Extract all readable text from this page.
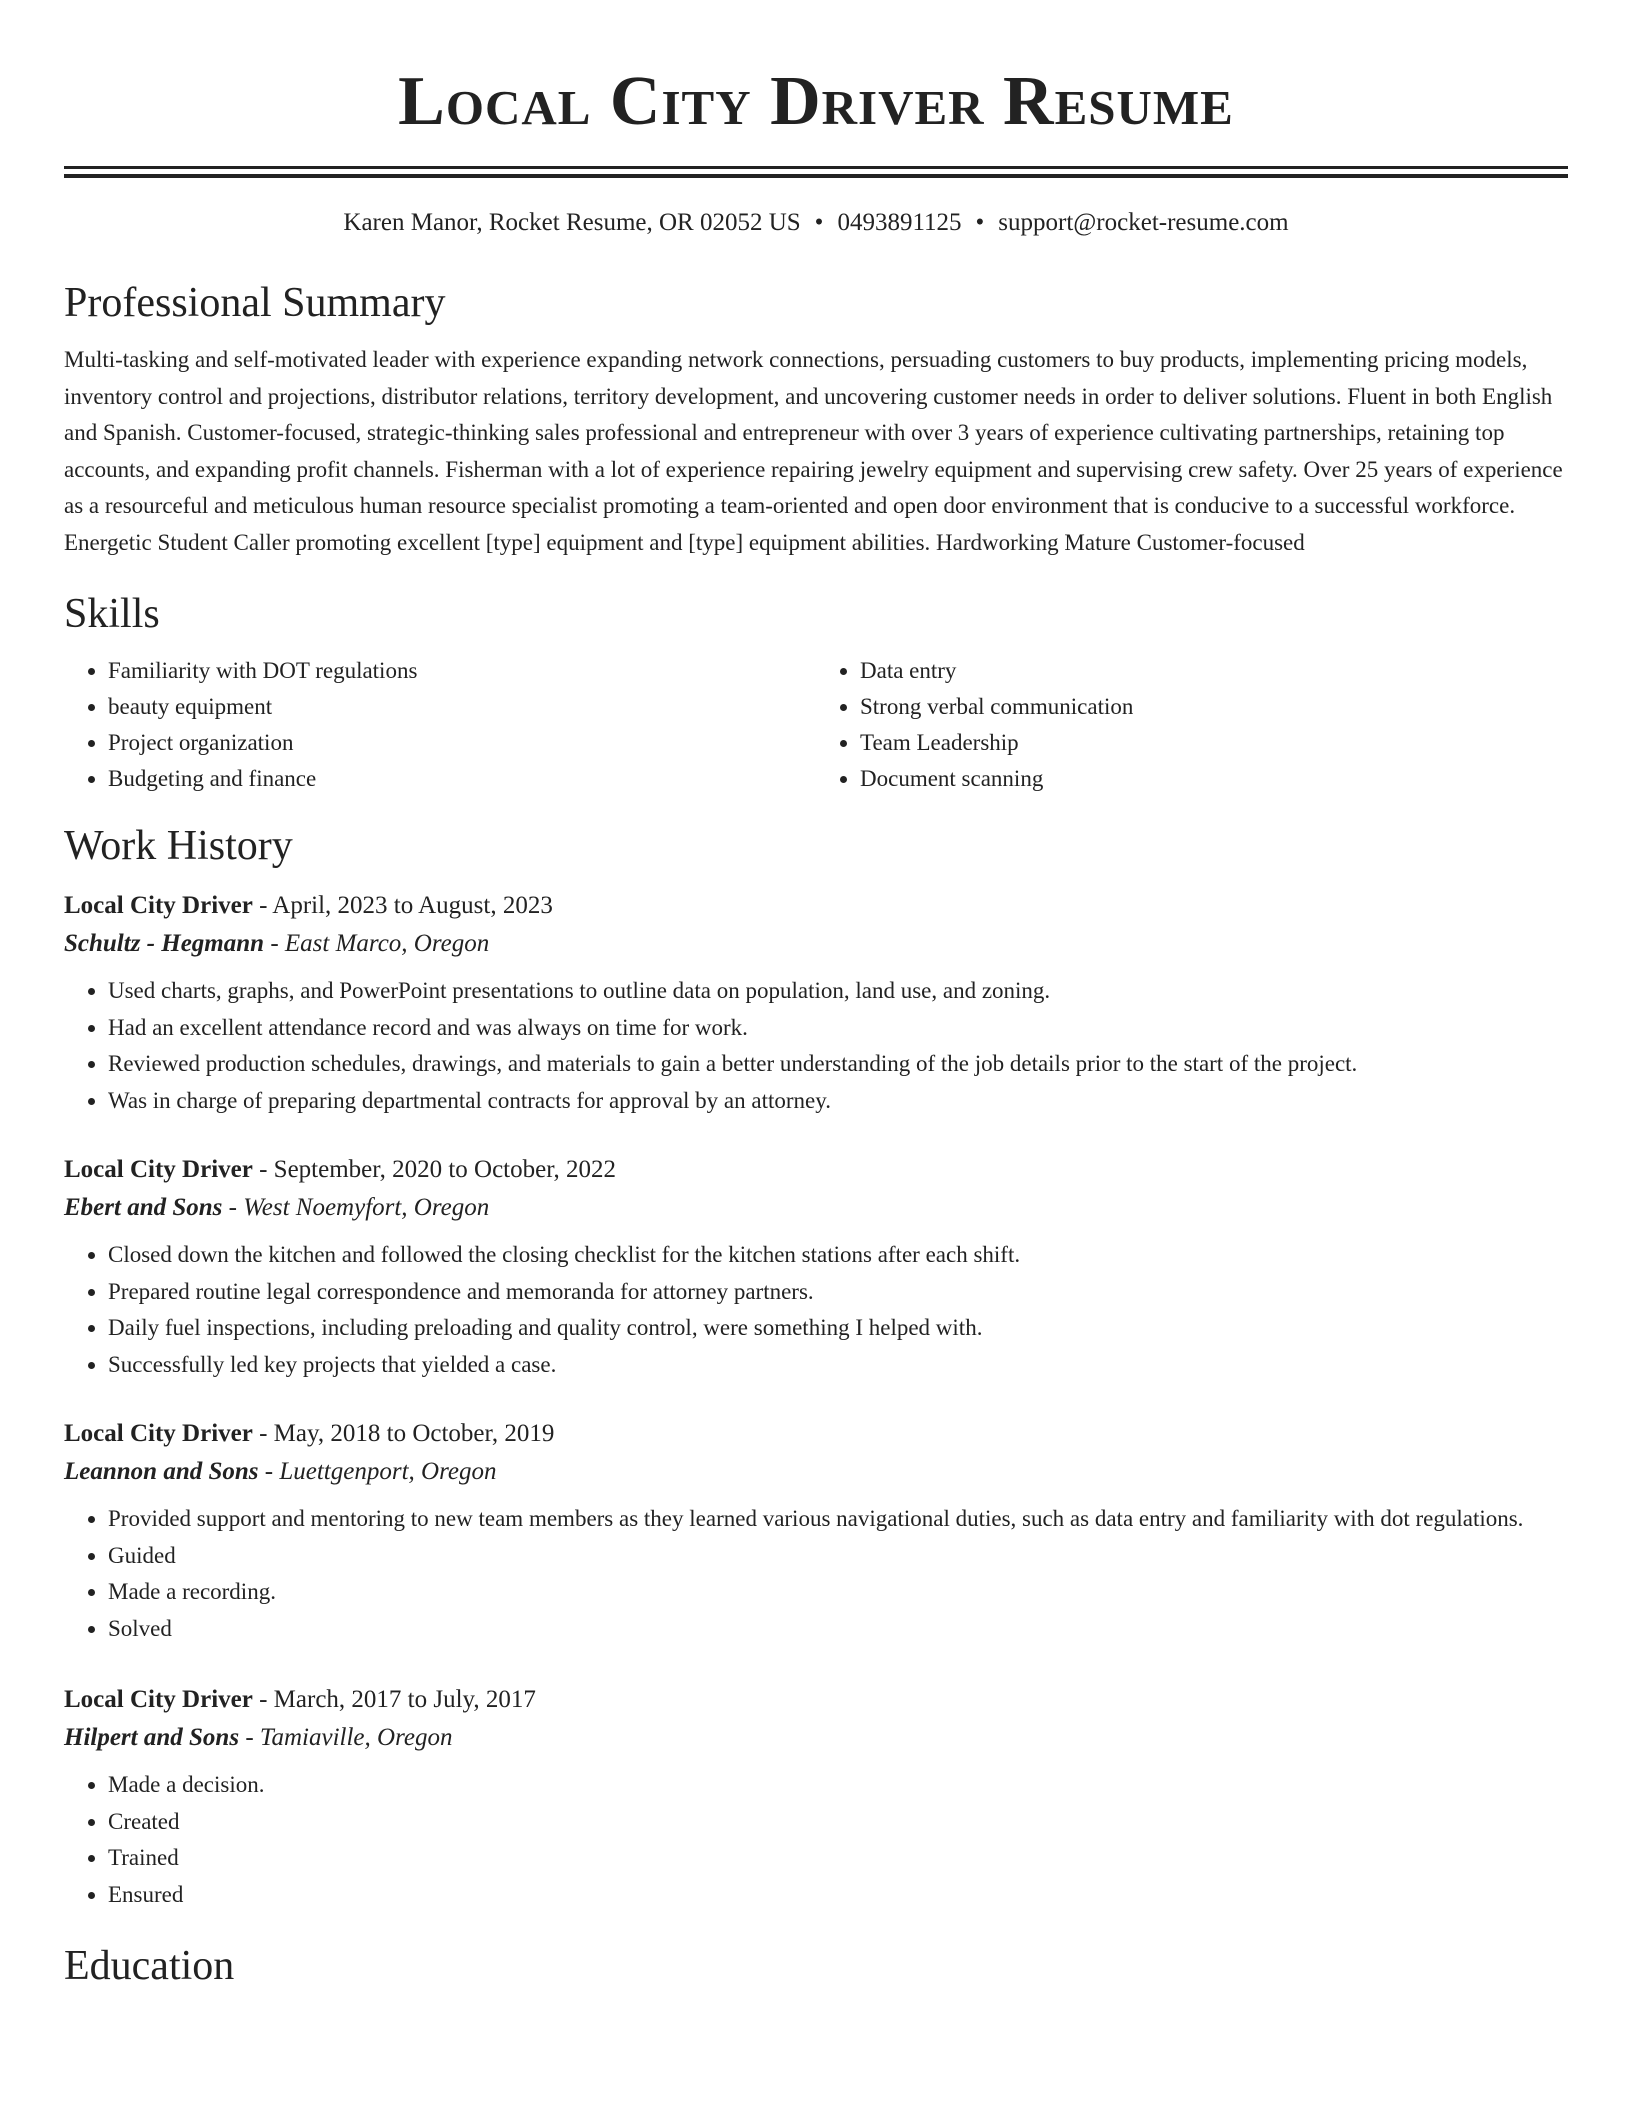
Local City Driver Resume
Karen Manor, Rocket Resume, OR 02052 US • 0493891125 • support@rocket-resume.com
Professional Summary
Multi-tasking and self-motivated leader with experience expanding network connections, persuading customers to buy products, implementing pricing models, inventory control and projections, distributor relations, territory development, and uncovering customer needs in order to deliver solutions. Fluent in both English and Spanish. Customer-focused, strategic-thinking sales professional and entrepreneur with over 3 years of experience cultivating partnerships, retaining top accounts, and expanding profit channels. Fisherman with a lot of experience repairing jewelry equipment and supervising crew safety. Over 25 years of experience as a resourceful and meticulous human resource specialist promoting a team-oriented and open door environment that is conducive to a successful workforce. Energetic Student Caller promoting excellent [type] equipment and [type] equipment abilities. Hardworking Mature Customer-focused
Skills
• Familiarity with DOT regulations
• beauty equipment
• Project organization
• Budgeting and finance
• Data entry
• Strong verbal communication
• Team Leadership
• Document scanning
Work History
Local City Driver - April, 2023 to August, 2023
Schultz - Hegmann - East Marco, Oregon
• Used charts, graphs, and PowerPoint presentations to outline data on population, land use, and zoning.
• Had an excellent attendance record and was always on time for work.
• Reviewed production schedules, drawings, and materials to gain a better understanding of the job details prior to the start of the project.
• Was in charge of preparing departmental contracts for approval by an attorney.
Local City Driver - September, 2020 to October, 2022
Ebert and Sons - West Noemyfort, Oregon
• Closed down the kitchen and followed the closing checklist for the kitchen stations after each shift.
• Prepared routine legal correspondence and memoranda for attorney partners.
• Daily fuel inspections, including preloading and quality control, were something I helped with.
• Successfully led key projects that yielded a case.
Local City Driver - May, 2018 to October, 2019
Leannon and Sons - Luettgenport, Oregon
• Provided support and mentoring to new team members as they learned various navigational duties, such as data entry and familiarity with dot regulations.
• Guided
• Made a recording.
• Solved
Local City Driver - March, 2017 to July, 2017
Hilpert and Sons - Tamiaville, Oregon
• Made a decision.
• Created
• Trained
• Ensured
Education
